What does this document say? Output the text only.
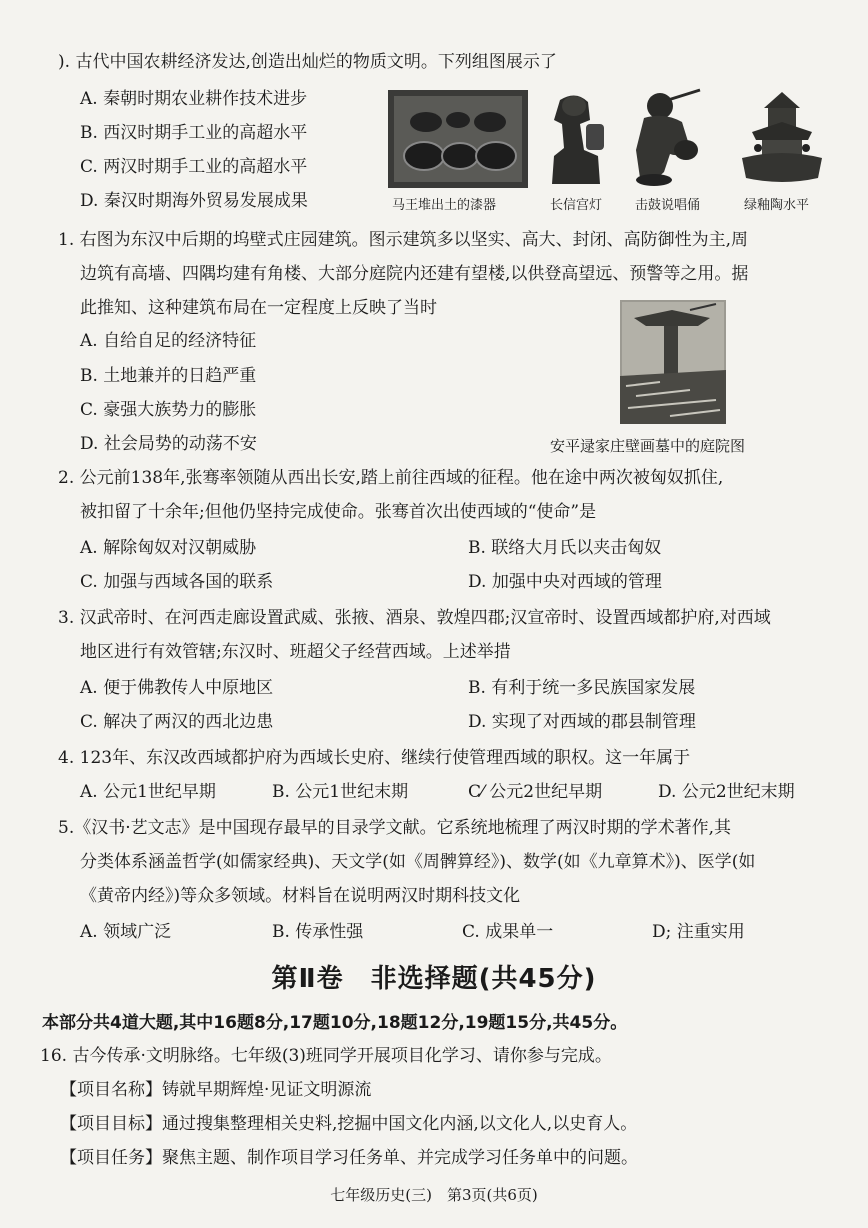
). 古代中国农耕经济发达,创造出灿烂的物质文明。下列组图展示了
A. 秦朝时期农业耕作技术进步
B. 西汉时期手工业的高超水平
C. 两汉时期手工业的高超水平
D. 秦汉时期海外贸易发展成果	马王堆出土的漆器	长信宫灯	击鼓说唱俑	绿釉陶水平
1. 右图为东汉中后期的坞壁式庄园建筑。图示建筑多以坚实、高大、封闭、高防御性为主,周
边筑有高墙、四隅均建有角楼、大部分庭院内还建有望楼,以供登高望远、预警等之用。据
此推知、这种建筑布局在一定程度上反映了当时
A. 自给自足的经济特征
B. 土地兼并的日趋严重
C. 豪强大族势力的膨胀
D. 社会局势的动荡不安	安平逯家庄壁画墓中的庭院图
2. 公元前138年,张骞率领随从西出长安,踏上前往西域的征程。他在途中两次被匈奴抓住,
被扣留了十余年;但他仍坚持完成使命。张骞首次出使西域的“使命”是
A. 解除匈奴对汉朝威胁	B. 联络大月氏以夹击匈奴
C. 加强与西域各国的联系	D. 加强中央对西域的管理
3. 汉武帝时、在河西走廊设置武威、张掖、酒泉、敦煌四郡;汉宣帝时、设置西域都护府,对西域
地区进行有效管辖;东汉时、班超父子经营西域。上述举措
A. 便于佛教传人中原地区	B. 有利于统一多民族国家发展
C. 解决了两汉的西北边患	D. 实现了对西域的郡县制管理
4. 123年、东汉改西域都护府为西域长史府、继续行使管理西域的职权。这一年属于
A. 公元1世纪早期	B. 公元1世纪末期	C⁄ 公元2世纪早期	D. 公元2世纪末期
5.《汉书·艺文志》是中国现存最早的目录学文献。它系统地梳理了两汉时期的学术著作,其
分类体系涵盖哲学(如儒家经典)、天文学(如《周髀算经》)、数学(如《九章算术》)、医学(如
《黄帝内经》)等众多领域。材料旨在说明两汉时期科技文化
A. 领域广泛	B. 传承性强	C. 成果单一	D; 注重实用
第Ⅱ卷　非选择题(共45分)
本部分共4道大题,其中16题8分,17题10分,18题12分,19题15分,共45分。
16. 古今传承·文明脉络。七年级(3)班同学开展项目化学习、请你参与完成。
【项目名称】铸就早期辉煌·见证文明源流
【项目目标】通过搜集整理相关史料,挖掘中国文化内涵,以文化人,以史育人。
【项目任务】聚焦主题、制作项目学习任务单、并完成学习任务单中的问题。
七年级历史(三)　第3页(共6页)
